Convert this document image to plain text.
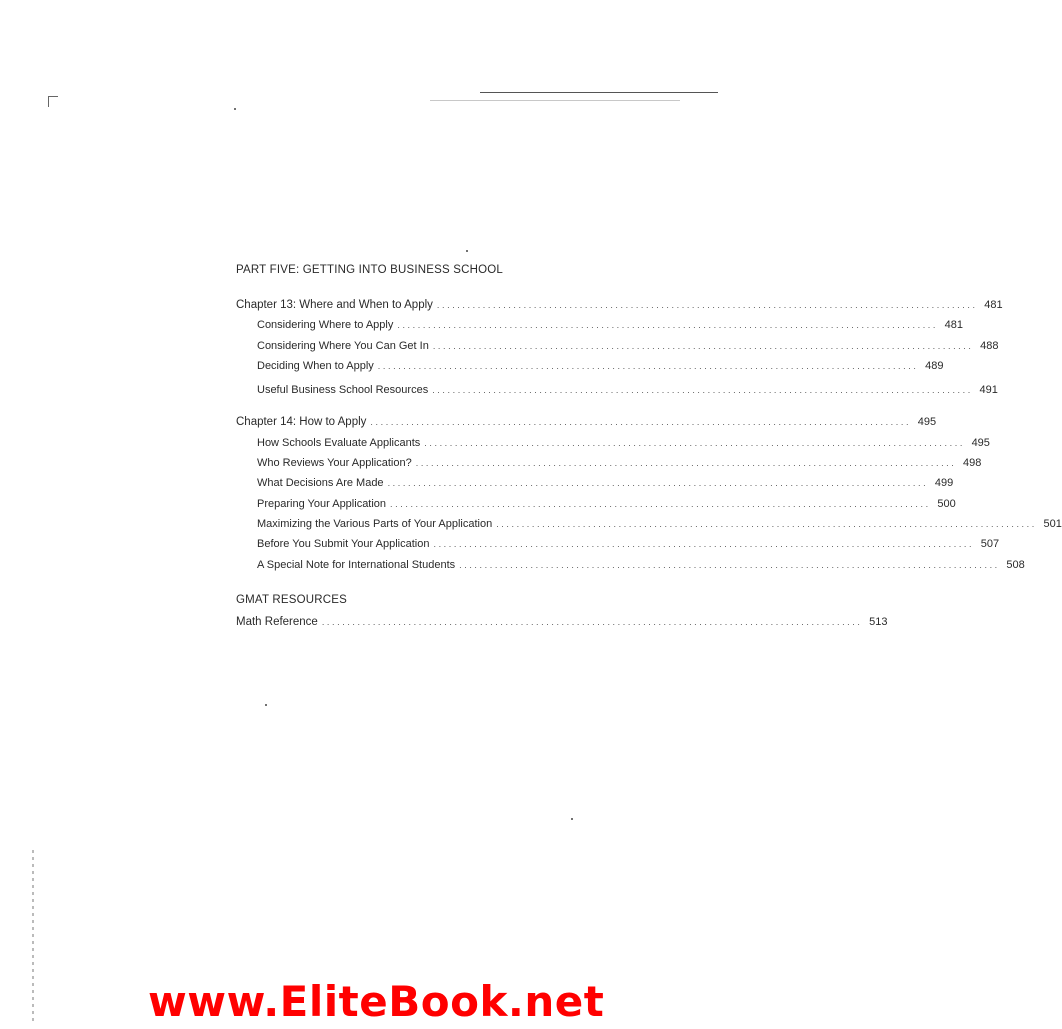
PART FIVE: GETTING INTO BUSINESS SCHOOL
Chapter 13: Where and When to Apply .......................................................................................................... 481
Considering Where to Apply .......................................................................................................... 481
Considering Where You Can Get In .......................................................................................................... 488
Deciding When to Apply .......................................................................................................... 489
Useful Business School Resources .......................................................................................................... 491
Chapter 14: How to Apply .......................................................................................................... 495
How Schools Evaluate Applicants .......................................................................................................... 495
Who Reviews Your Application? .......................................................................................................... 498
What Decisions Are Made .......................................................................................................... 499
Preparing Your Application .......................................................................................................... 500
Maximizing the Various Parts of Your Application .......................................................................................................... 501
Before You Submit Your Application .......................................................................................................... 507
A Special Note for International Students .......................................................................................................... 508
GMAT RESOURCES
Math Reference .......................................................................................................... 513
www.EliteBook.net
